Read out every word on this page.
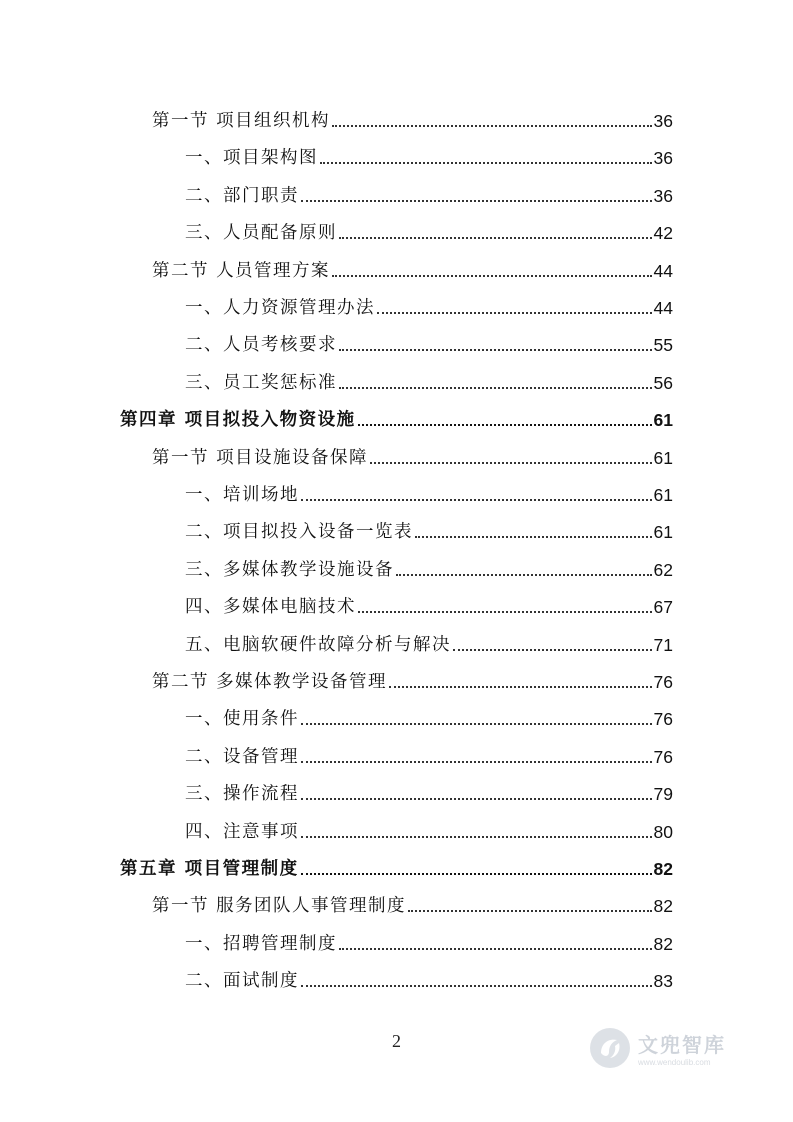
第一节 项目组织机构	36
一、项目架构图	36
二、部门职责	36
三、人员配备原则	42
第二节 人员管理方案	44
一、人力资源管理办法	44
二、人员考核要求	55
三、员工奖惩标准	56
第四章 项目拟投入物资设施	61
第一节 项目设施设备保障	61
一、培训场地	61
二、项目拟投入设备一览表	61
三、多媒体教学设施设备	62
四、多媒体电脑技术	67
五、电脑软硬件故障分析与解决	71
第二节 多媒体教学设备管理	76
一、使用条件	76
二、设备管理	76
三、操作流程	79
四、注意事项	80
第五章 项目管理制度	82
第一节 服务团队人事管理制度	82
一、招聘管理制度	82
二、面试制度	83
2	文兜智库
www.wendoulib.com
